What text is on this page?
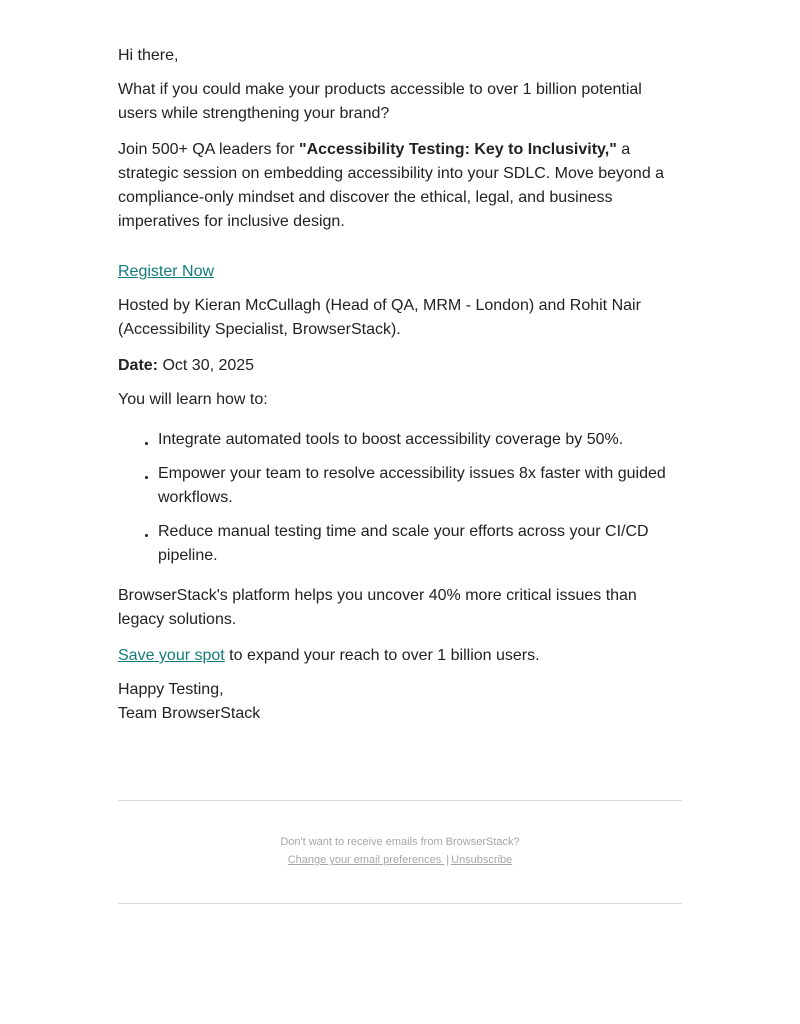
Hi there,

What if you could make your products accessible to over 1 billion potential users while strengthening your brand?

Join 500+ QA leaders for "Accessibility Testing: Key to Inclusivity," a strategic session on embedding accessibility into your SDLC. Move beyond a compliance-only mindset and discover the ethical, legal, and business imperatives for inclusive design.

Register Now

Hosted by Kieran McCullagh (Head of QA, MRM - London) and Rohit Nair (Accessibility Specialist, BrowserStack).

Date: Oct 30, 2025

You will learn how to:

Integrate automated tools to boost accessibility coverage by 50%.
Empower your team to resolve accessibility issues 8x faster with guided workflows.
Reduce manual testing time and scale your efforts across your CI/CD pipeline.

BrowserStack's platform helps you uncover 40% more critical issues than legacy solutions.

Save your spot to expand your reach to over 1 billion users.

Happy Testing,
Team BrowserStack

Don't want to receive emails from BrowserStack?
Change your email preferences | Unsubscribe
